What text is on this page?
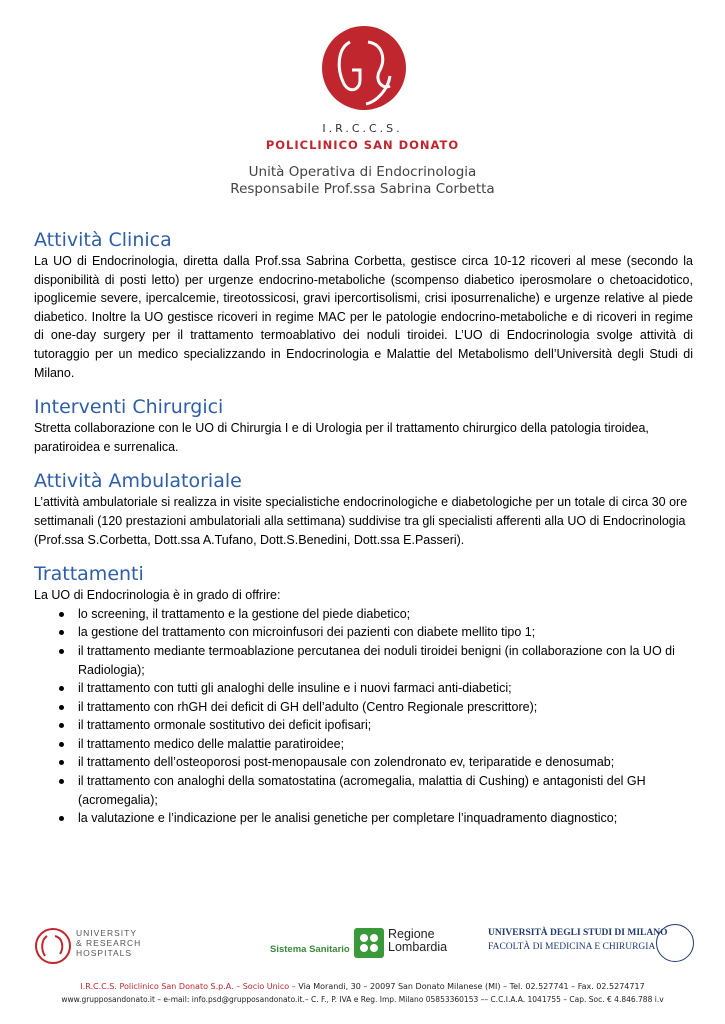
I.R.C.C.S.
POLICLINICO SAN DONATO
Unità Operativa di Endocrinologia
Responsabile Prof.ssa Sabrina Corbetta
Attività Clinica

La UO di Endocrinologia, diretta dalla Prof.ssa Sabrina Corbetta, gestisce circa 10-12 ricoveri al mese (secondo la disponibilità di posti letto) per urgenze endocrino-metaboliche (scompenso diabetico iperosmolare o chetoacidotico, ipoglicemie severe, ipercalcemie, tireotossicosi, gravi ipercortisolismi, crisi iposurrenaliche) e urgenze relative al piede diabetico. Inoltre la UO gestisce ricoveri in regime MAC per le patologie endocrino-metaboliche e di ricoveri in regime di one-day surgery per il trattamento termoablativo dei noduli tiroidei. L’UO di Endocrinologia svolge attività di tutoraggio per un medico specializzando in Endocrinologia e Malattie del Metabolismo dell’Università degli Studi di Milano.

Interventi Chirurgici

Stretta collaborazione con le UO di Chirurgia I e di Urologia per il trattamento chirurgico della patologia tiroidea, paratiroidea e surrenalica.

Attività Ambulatoriale

L’attività ambulatoriale si realizza in visite specialistiche endocrinologiche e diabetologiche per un totale di circa 30 ore settimanali (120 prestazioni ambulatoriali alla settimana) suddivise tra gli specialisti afferenti alla UO di Endocrinologia (Prof.ssa S.Corbetta, Dott.ssa A.Tufano, Dott.S.Benedini, Dott.ssa E.Passeri).

Trattamenti

La UO di Endocrinologia è in grado di offrire:

lo screening, il trattamento e la gestione del piede diabetico;
la gestione del trattamento con microinfusori dei pazienti con diabete mellito tipo 1;
il trattamento mediante termoablazione percutanea dei noduli tiroidei benigni (in collaborazione con la UO di Radiologia);
il trattamento con tutti gli analoghi delle insuline e i nuovi farmaci anti-diabetici;
il trattamento con rhGH dei deficit di GH dell’adulto (Centro Regionale prescrittore);
il trattamento ormonale sostitutivo dei deficit ipofisari;
il trattamento medico delle malattie paratiroidee;
il trattamento dell’osteoporosi post-menopausale con zolendronato ev, teriparatide e denosumab;
il trattamento con analoghi della somatostatina (acromegalia, malattia di Cushing) e antagonisti del GH (acromegalia);
la valutazione e l’indicazione per le analisi genetiche per completare l’inquadramento diagnostico;
UNIVERSITY
& RESEARCH
HOSPITALS	Sistema Sanitario
Regione
Lombardia
UNIVERSITÀ DEGLI STUDI DI MILANO
FACOLTÀ DI MEDICINA E CHIRURGIA
I.R.C.C.S. Policlinico San Donato S.p.A. – Socio Unico – Via Morandi, 30 – 20097 San Donato Milanese (MI) – Tel. 02.527741 – Fax. 02.5274717
www.grupposandonato.it – e-mail: info.psd@grupposandonato.it.– C. F., P. IVA e Reg. Imp. Milano 05853360153 –– C.C.I.A.A. 1041755 – Cap. Soc. € 4.846.788 i.v
